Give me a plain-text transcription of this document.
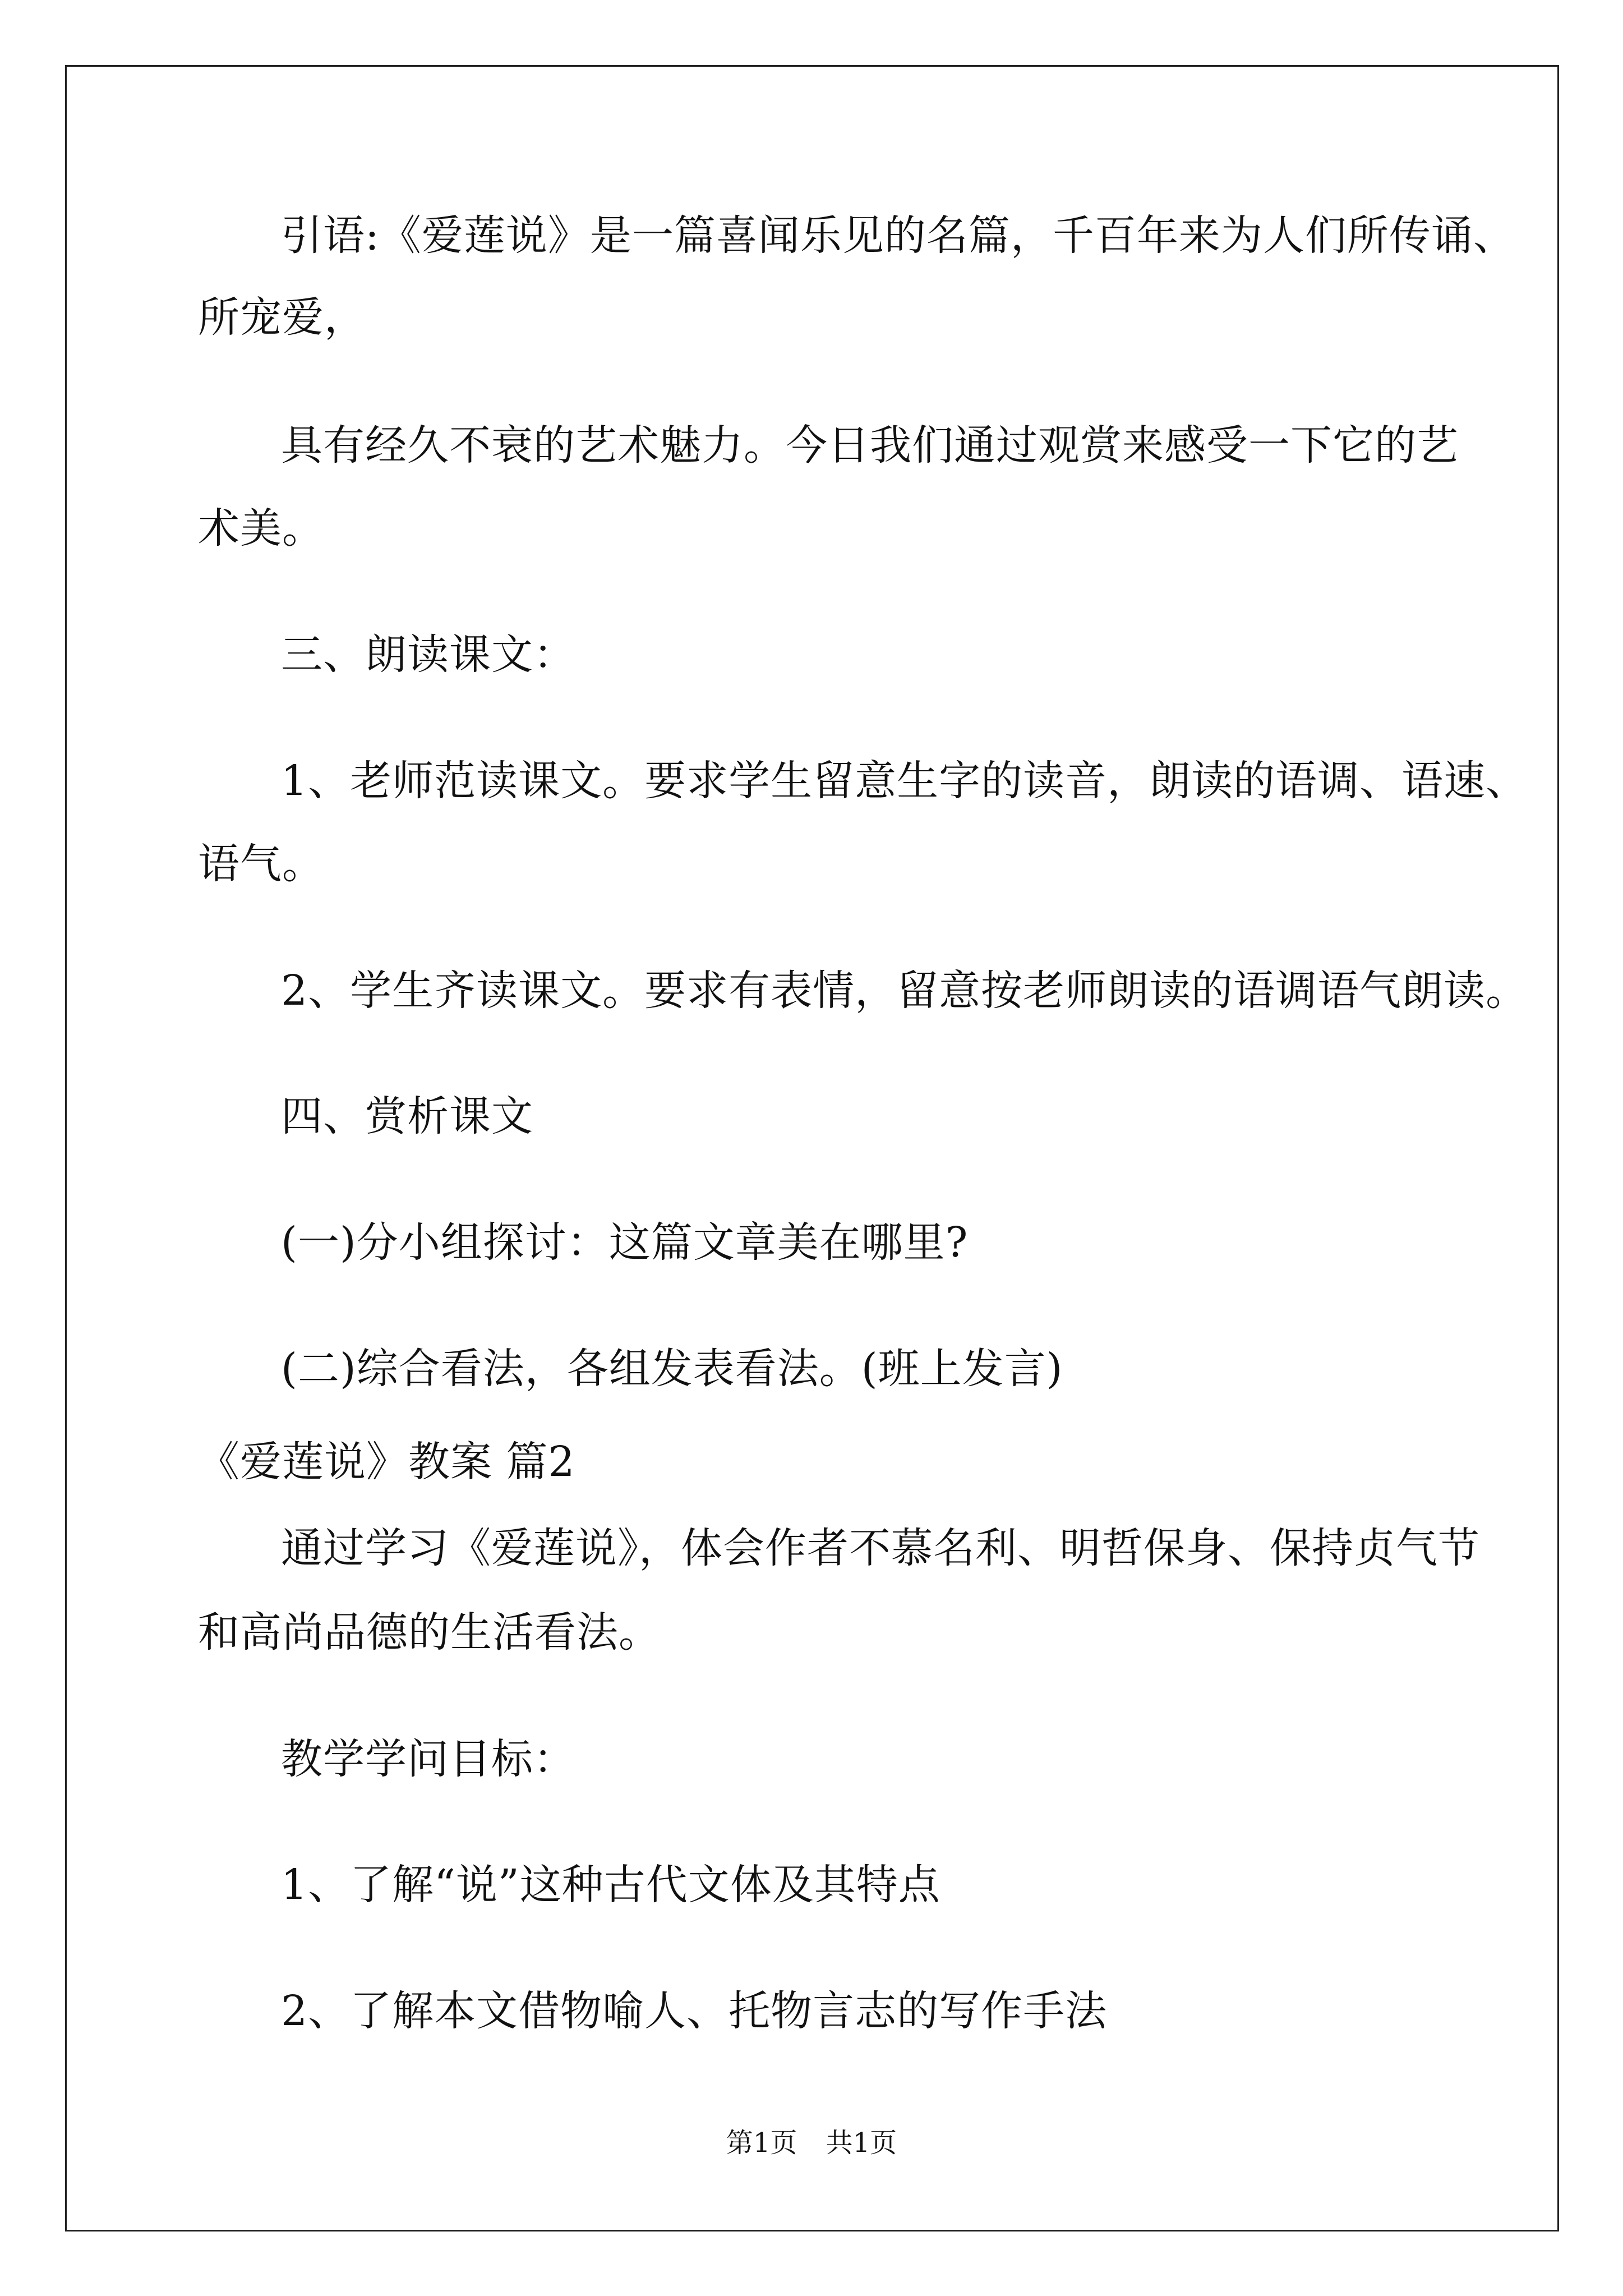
引语:《爱莲说》是一篇喜闻乐见的名篇，千百年来为人们所传诵、
所宠爱，
具有经久不衰的艺术魅力。今日我们通过观赏来感受一下它的艺
术美。
三、朗读课文：
1、老师范读课文。要求学生留意生字的读音，朗读的语调、语速、
语气。
2、学生齐读课文。要求有表情，留意按老师朗读的语调语气朗读。
四、赏析课文
(一)分小组探讨：这篇文章美在哪里?
(二)综合看法，各组发表看法。(班上发言)
《爱莲说》教案 篇2
通过学习《爱莲说》，体会作者不慕名利、明哲保身、保持贞气节
和高尚品德的生活看法。
教学学问目标：
1、了解“说”这种古代文体及其特点
2、了解本文借物喻人、托物言志的写作手法
第1页 共1页
